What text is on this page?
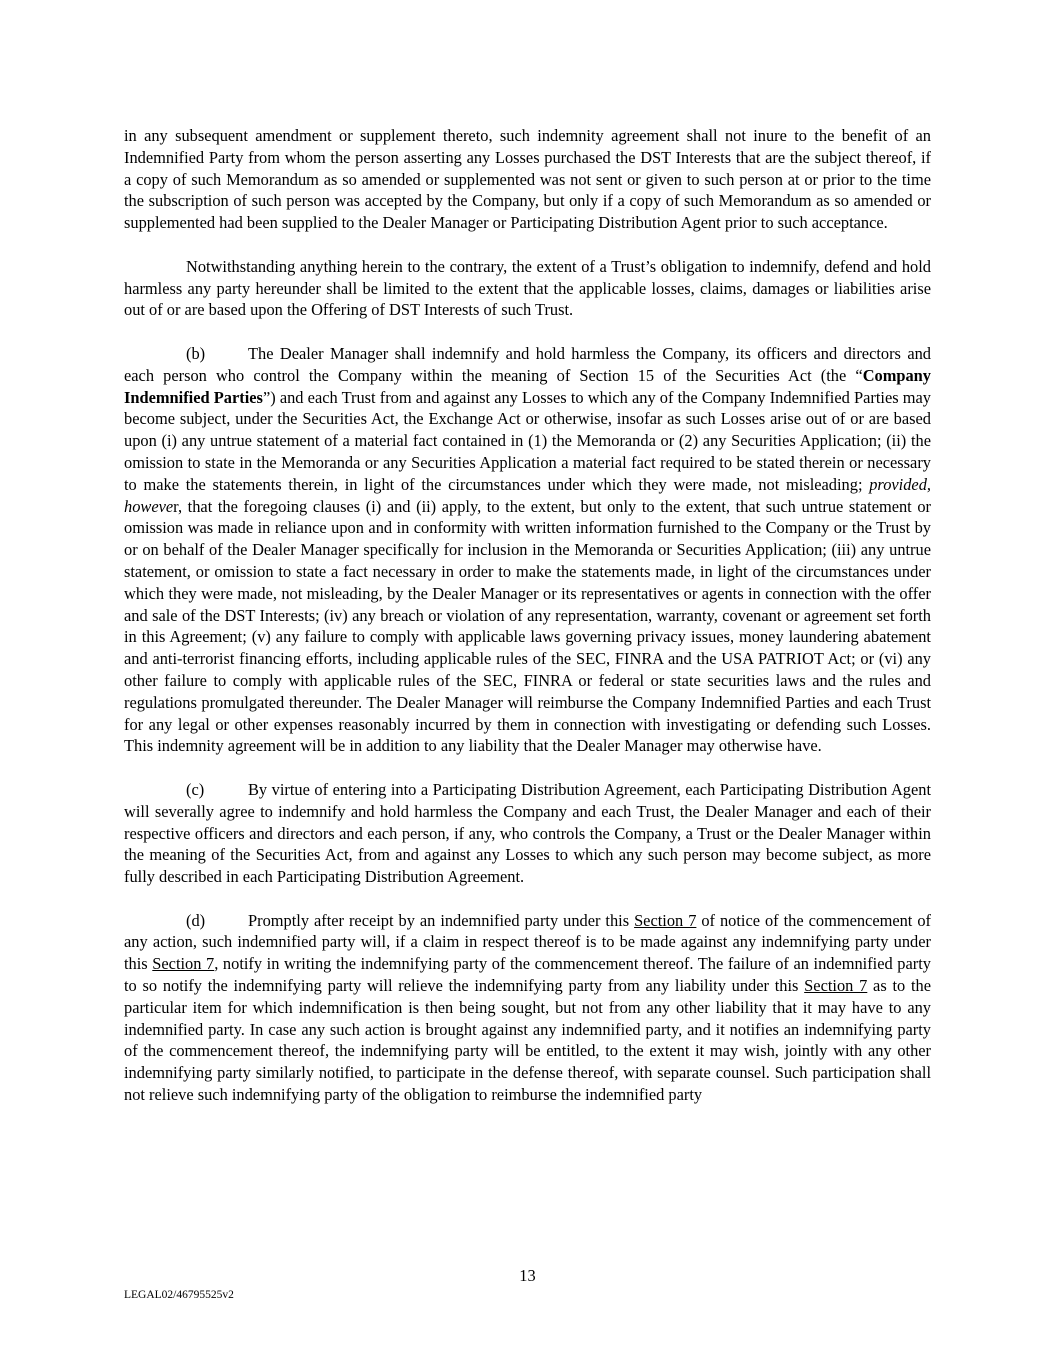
in any subsequent amendment or supplement thereto, such indemnity agreement shall not inure to the benefit of an Indemnified Party from whom the person asserting any Losses purchased the DST Interests that are the subject thereof, if a copy of such Memorandum as so amended or supplemented was not sent or given to such person at or prior to the time the subscription of such person was accepted by the Company, but only if a copy of such Memorandum as so amended or supplemented had been supplied to the Dealer Manager or Participating Distribution Agent prior to such acceptance.

Notwithstanding anything herein to the contrary, the extent of a Trust’s obligation to indemnify, defend and hold harmless any party hereunder shall be limited to the extent that the applicable losses, claims, damages or liabilities arise out of or are based upon the Offering of DST Interests of such Trust.

(b)	The Dealer Manager shall indemnify and hold harmless the Company, its officers and directors and each person who control the Company within the meaning of Section 15 of the Securities Act (the “Company Indemnified Parties”) and each Trust from and against any Losses to which any of the Company Indemnified Parties may become subject, under the Securities Act, the Exchange Act or otherwise, insofar as such Losses arise out of or are based upon (i) any untrue statement of a material fact contained in (1) the Memoranda or (2) any Securities Application; (ii) the omission to state in the Memoranda or any Securities Application a material fact required to be stated therein or necessary to make the statements therein, in light of the circumstances under which they were made, not misleading; provided, however, that the foregoing clauses (i) and (ii) apply, to the extent, but only to the extent, that such untrue statement or omission was made in reliance upon and in conformity with written information furnished to the Company or the Trust by or on behalf of the Dealer Manager specifically for inclusion in the Memoranda or Securities Application; (iii) any untrue statement, or omission to state a fact necessary in order to make the statements made, in light of the circumstances under which they were made, not misleading, by the Dealer Manager or its representatives or agents in connection with the offer and sale of the DST Interests; (iv) any breach or violation of any representation, warranty, covenant or agreement set forth in this Agreement; (v) any failure to comply with applicable laws governing privacy issues, money laundering abatement and anti-terrorist financing efforts, including applicable rules of the SEC, FINRA and the USA PATRIOT Act; or (vi) any other failure to comply with applicable rules of the SEC, FINRA or federal or state securities laws and the rules and regulations promulgated thereunder. The Dealer Manager will reimburse the Company Indemnified Parties and each Trust for any legal or other expenses reasonably incurred by them in connection with investigating or defending such Losses. This indemnity agreement will be in addition to any liability that the Dealer Manager may otherwise have.

(c)	By virtue of entering into a Participating Distribution Agreement, each Participating Distribution Agent will severally agree to indemnify and hold harmless the Company and each Trust, the Dealer Manager and each of their respective officers and directors and each person, if any, who controls the Company, a Trust or the Dealer Manager within the meaning of the Securities Act, from and against any Losses to which any such person may become subject, as more fully described in each Participating Distribution Agreement.

(d)	Promptly after receipt by an indemnified party under this Section 7 of notice of the commencement of any action, such indemnified party will, if a claim in respect thereof is to be made against any indemnifying party under this Section 7, notify in writing the indemnifying party of the commencement thereof. The failure of an indemnified party to so notify the indemnifying party will relieve the indemnifying party from any liability under this Section 7 as to the particular item for which indemnification is then being sought, but not from any other liability that it may have to any indemnified party. In case any such action is brought against any indemnified party, and it notifies an indemnifying party of the commencement thereof, the indemnifying party will be entitled, to the extent it may wish, jointly with any other indemnifying party similarly notified, to participate in the defense thereof, with separate counsel. Such participation shall not relieve such indemnifying party of the obligation to reimburse the indemnified party

13
LEGAL02/46795525v2
